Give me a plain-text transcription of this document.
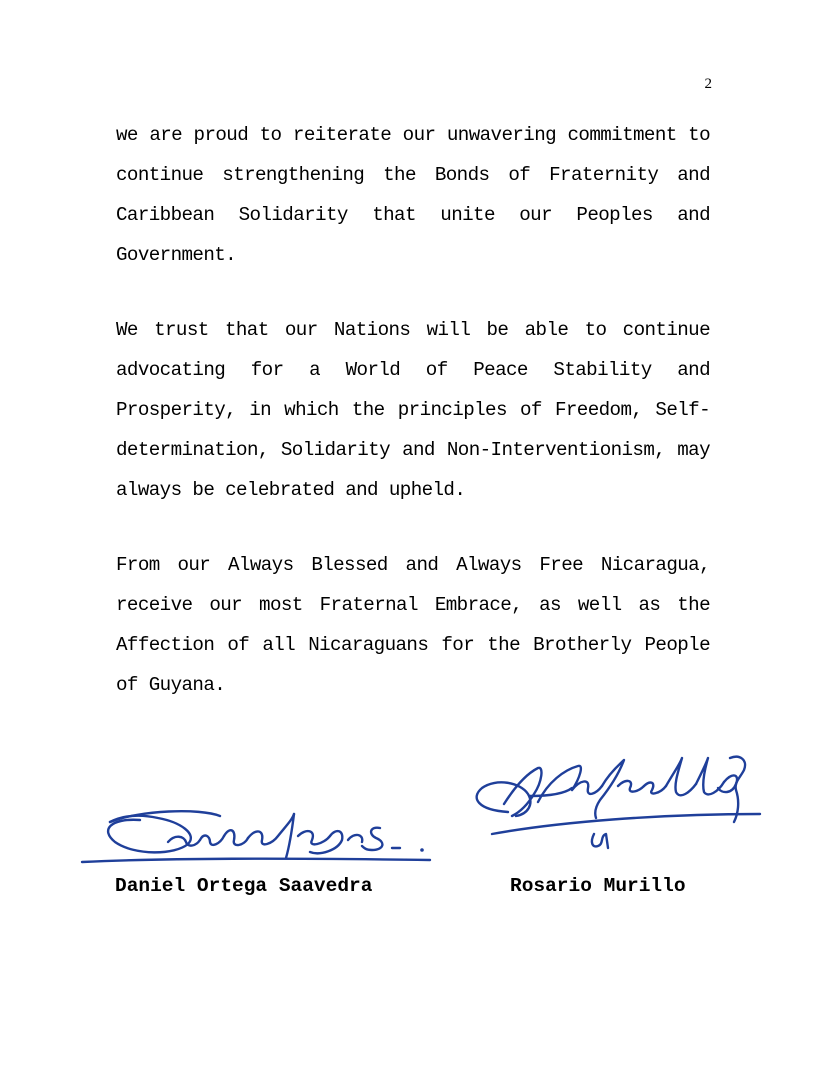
2

we are proud to reiterate our unwavering commitment to continue strengthening the Bonds of Fraternity and Caribbean Solidarity that unite our Peoples and Government.

We trust that our Nations will be able to continue advocating for a World of Peace Stability and Prosperity, in which the principles of Freedom, Self-determination, Solidarity and Non-Interventionism, may always be celebrated and upheld.

From our Always Blessed and Always Free Nicaragua, receive our most Fraternal Embrace, as well as the Affection of all Nicaraguans for the Brotherly People of Guyana.

Daniel Ortega Saavedra	Rosario Murillo
